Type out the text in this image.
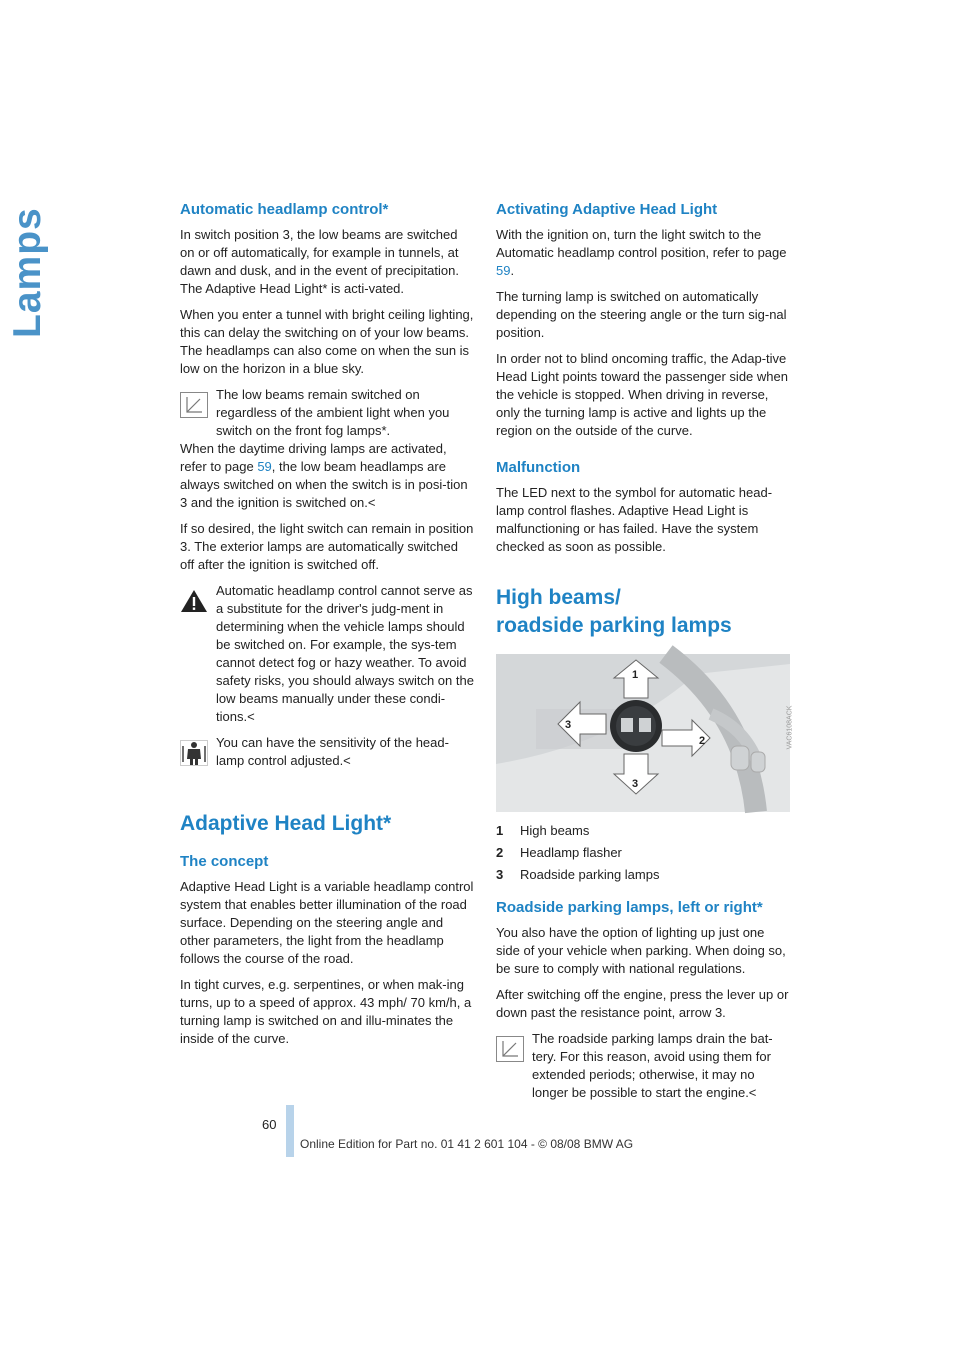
Lamps	Automatic headlamp control*

In switch position 3, the low beams are switched on or off automatically, for example in tunnels, at dawn and dusk, and in the event of precipitation. The Adaptive Head Light* is acti-vated.

When you enter a tunnel with bright ceiling lighting, this can delay the switching on of your low beams.

The headlamps can also come on when the sun is low on the horizon in a blue sky.

The low beams remain switched on regardless of the ambient light when you switch on the front fog lamps*.
When the daytime driving lamps are activated, refer to page 59, the low beam headlamps are always switched on when the switch is in posi-tion 3 and the ignition is switched on.<

If so desired, the light switch can remain in position 3. The exterior lamps are automatically switched off after the ignition is switched off.

Automatic headlamp control cannot serve as a substitute for the driver's judg-ment in determining when the vehicle lamps should be switched on. For example, the sys-tem cannot detect fog or hazy weather. To avoid safety risks, you should always switch on the low beams manually under these condi-tions.<
You can have the sensitivity of the head-lamp control adjusted.<
Adaptive Head Light*
The concept

Adaptive Head Light is a variable headlamp control system that enables better illumination of the road surface. Depending on the steering angle and other parameters, the light from the headlamp follows the course of the road.

In tight curves, e.g. serpentines, or when mak-ing turns, up to a speed of approx. 43 mph/ 70 km/h, a turning lamp is switched on and illu-minates the inside of the curve.

Activating Adaptive Head Light

With the ignition on, turn the light switch to the Automatic headlamp control position, refer to page 59.

The turning lamp is switched on automatically depending on the steering angle or the turn sig-nal position.

In order not to blind oncoming traffic, the Adap-tive Head Light points toward the passenger side when the vehicle is stopped. When driving in reverse, only the turning lamp is active and lights up the region on the outside of the curve.

Malfunction

The LED next to the symbol for automatic head-lamp control flashes. Adaptive Head Light is malfunctioning or has failed. Have the system checked as soon as possible.

High beams/
roadside parking lamps
1
2
3
3
VAC6108ACK
1	High beams
2	Headlamp flasher
3	Roadside parking lamps
Roadside parking lamps, left or right*

You also have the option of lighting up just one side of your vehicle when parking. When doing so, be sure to comply with national regulations.

After switching off the engine, press the lever up or down past the resistance point, arrow 3.

The roadside parking lamps drain the bat-tery. For this reason, avoid using them for extended periods; otherwise, it may no longer be possible to start the engine.<
60
Online Edition for Part no. 01 41 2 601 104 - © 08/08 BMW AG
